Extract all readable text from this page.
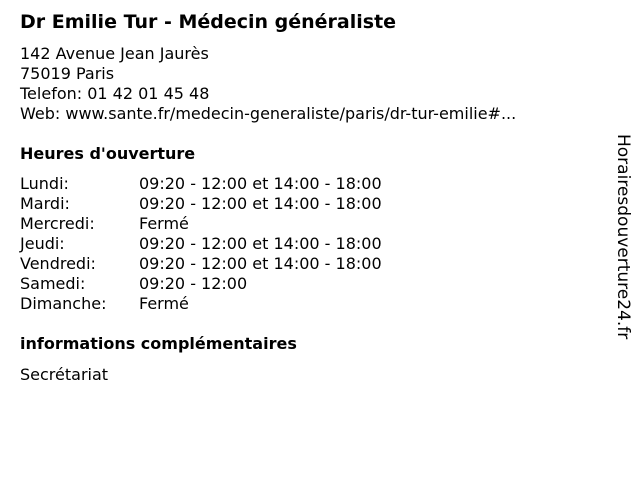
Dr Emilie Tur - Médecin généraliste
142 Avenue Jean Jaurès
75019 Paris
Telefon: 01 42 01 45 48
Web: www.sante.fr/medecin-generaliste/paris/dr-tur-emilie#...
Heures d'ouverture
Lundi:	09:20 - 12:00 et 14:00 - 18:00
Mardi:	09:20 - 12:00 et 14:00 - 18:00
Mercredi:	Fermé
Jeudi:	09:20 - 12:00 et 14:00 - 18:00
Vendredi:	09:20 - 12:00 et 14:00 - 18:00
Samedi:	09:20 - 12:00
Dimanche:	Fermé
informations complémentaires
Secrétariat
Horairesdouverture24.fr
